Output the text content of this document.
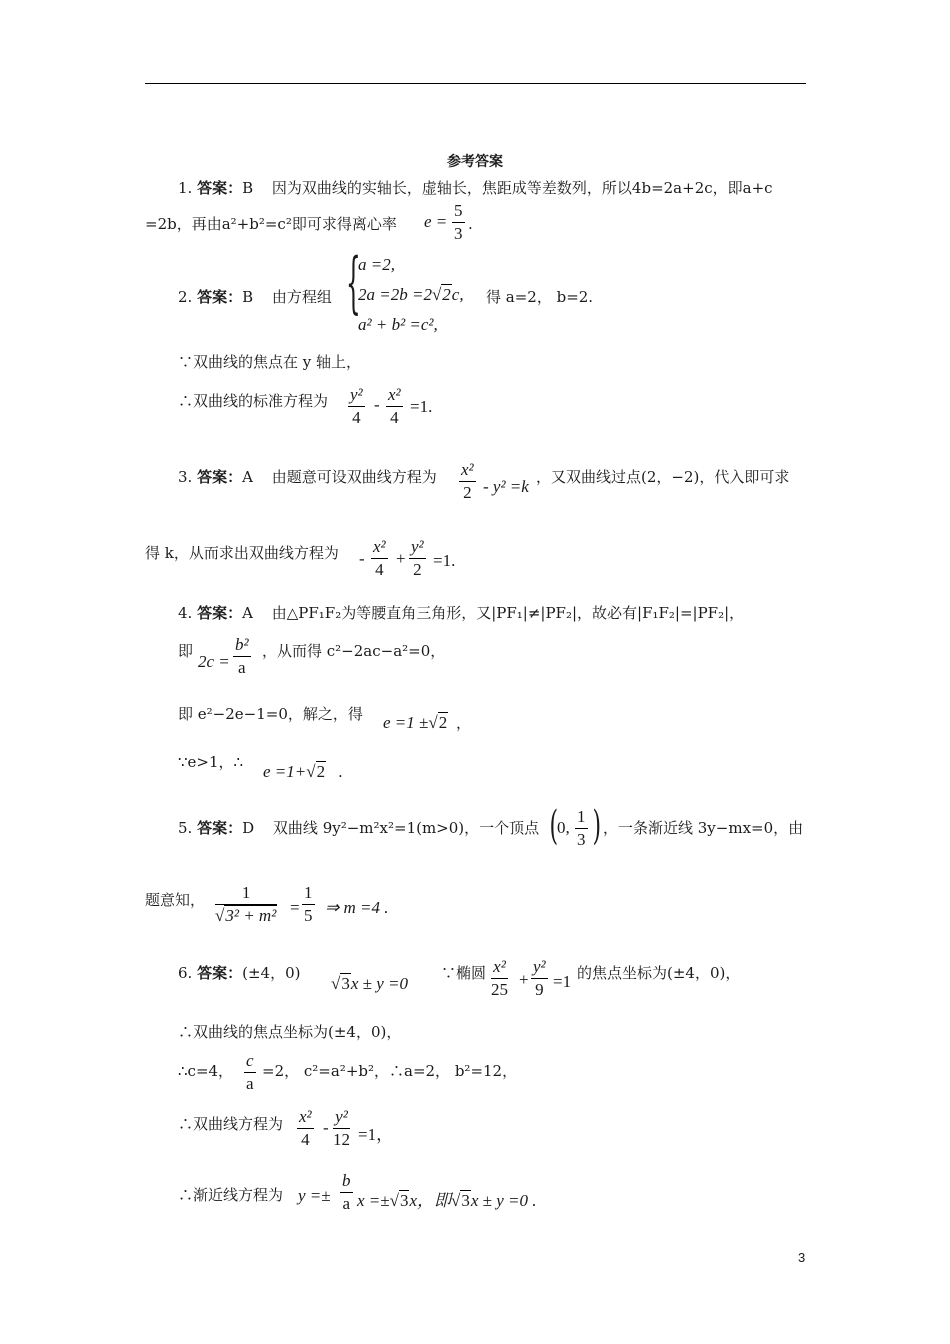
参考答案
1. 答案：B 因为双曲线的实轴长，虚轴长，焦距成等差数列，所以4b=2a+2c，即a+c
=2b，再由a²+b²=c²即可求得离心率 e =
5
3 .
2. 答案：B 由方程组 {
a =2,
2a =2b =2√2c,
a² + b² =c²,
得 a=2， b=2.
∵双曲线的焦点在 y 轴上，
∴双曲线的标准方程为 y²
4
-
x²
4
=1.
3. 答案：A 由题意可设双曲线方程为 x²
2 - y² =k ，又双曲线过点(2，−2)，代入即可求
得 k，从而求出双曲线方程为 -
x²
4
+
y²
2 =1.
4. 答案：A 由△PF₁F₂为等腰直角三角形，又|PF₁|≠|PF₂|，故必有|F₁F₂|=|PF₂|，
即
2c =
b²
a
，从而得 c²−2ac−a²=0，
即 e²−2e−1=0，解之，得 e =1 ±√2 ，
∵e>1，∴ e =1+√2 .
5. 答案：D 双曲线 9y²−m²x²=1(m>0)，一个顶点 (
0,
1
3 ) ，一条渐近线 3y−mx=0，由
题意知， 1
√3² + m² =
1
5 ⇒ m =4 .
6. 答案：(±4，0)
√3x ± y =0
∵椭圆 x²
25
+
y²
9 =1 的焦点坐标为(±4，0)，
∴双曲线的焦点坐标为(±4，0)，
∴c=4，
c
a
=2， c²=a²+b²，∴a=2， b²=12，
∴双曲线方程为 x²
4
-
y²
12 =1，
∴渐近线方程为 y =±
b
a x =±√3x，即√3x ± y =0 .
3
